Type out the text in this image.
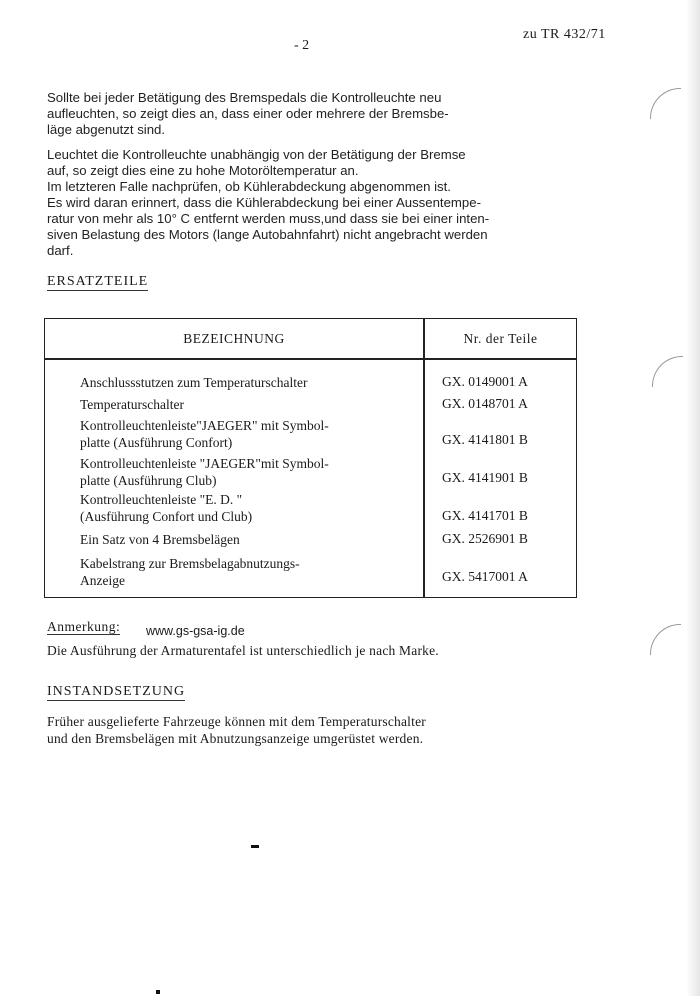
zu TR 432/71
- 2
Sollte bei jeder Betätigung des Bremspedals die Kontrolleuchte neu
aufleuchten, so zeigt dies an, dass einer oder mehrere der Bremsbe-
läge abgenutzt sind.
Leuchtet die Kontrolleuchte unabhängig von der Betätigung der Bremse
auf, so zeigt dies eine zu hohe Motoröltemperatur an.
Im letzteren Falle nachprüfen, ob Kühlerabdeckung abgenommen ist.
Es wird daran erinnert, dass die Kühlerabdeckung bei einer Aussentempe-
ratur von mehr als 10° C entfernt werden muss,und dass sie bei einer inten-
siven Belastung des Motors (lange Autobahnfahrt) nicht angebracht werden
darf.
ERSATZTEILE
BEZEICHNUNG	Nr. der Teile
Anschlussstutzen zum Temperaturschalter	GX. 0149001 A
Temperaturschalter	GX. 0148701 A
Kontrolleuchtenleiste"JAEGER" mit Symbol-
platte (Ausführung Confort)	GX. 4141801 B
Kontrolleuchtenleiste "JAEGER"mit Symbol-
platte (Ausführung Club)	GX. 4141901 B
Kontrolleuchtenleiste "E. D. "
(Ausführung Confort und Club)	GX. 4141701 B
Ein Satz von 4 Bremsbelägen	GX. 2526901 B
Kabelstrang zur Bremsbelagabnutzungs-
Anzeige	GX. 5417001 A
Anmerkung: www.gs-gsa-ig.de
Die Ausführung der Armaturentafel ist unterschiedlich je nach Marke.
INSTANDSETZUNG
Früher ausgelieferte Fahrzeuge können mit dem Temperaturschalter
und den Bremsbelägen mit Abnutzungsanzeige umgerüstet werden.
